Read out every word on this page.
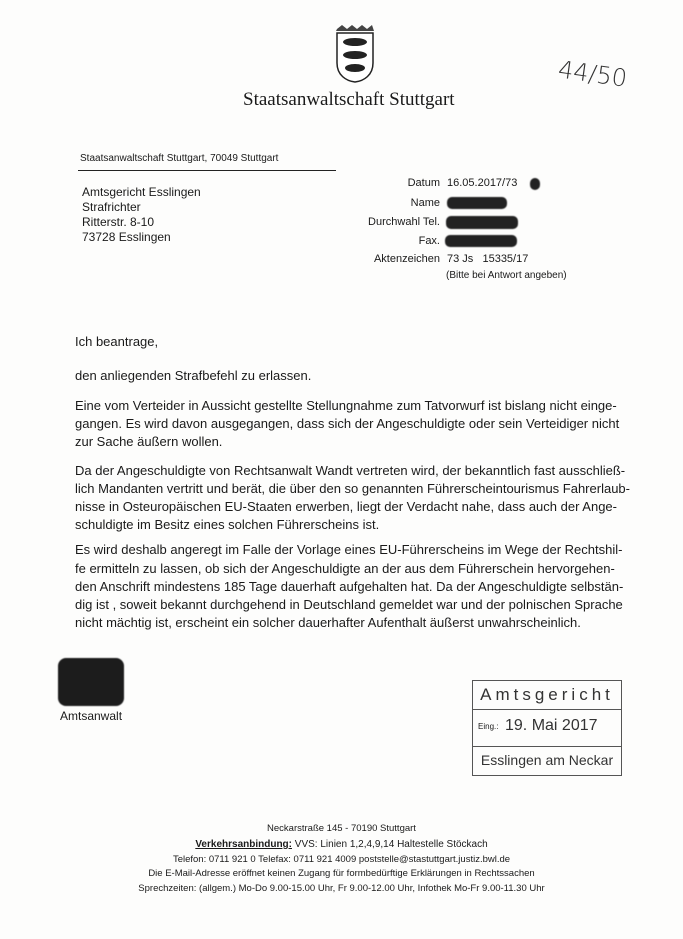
Staatsanwaltschaft Stuttgart
44/50
Staatsanwaltschaft Stuttgart, 70049 Stuttgart
Amtsgericht Esslingen
Strafrichter
Ritterstr. 8-10
73728 Esslingen
Datum 16.05.2017/73
Name
Durchwahl Tel.
Fax.
Aktenzeichen 73 Js   15335/17
(Bitte bei Antwort angeben)
Ich beantrage,
den anliegenden Strafbefehl zu erlassen.
Eine vom Verteider in Aussicht gestellte Stellungnahme zum Tatvorwurf ist bislang nicht einge-
gangen. Es wird davon ausgegangen, dass sich der Angeschuldigte oder sein Verteidiger nicht
zur Sache äußern wollen.
Da der Angeschuldigte von Rechtsanwalt Wandt vertreten wird, der bekanntlich fast ausschließ-
lich Mandanten vertritt und berät, die über den so genannten Führerscheintourismus Fahrerlaub-
nisse in Osteuropäischen EU-Staaten erwerben, liegt der Verdacht nahe, dass auch der Ange-
schuldigte im Besitz eines solchen Führerscheins ist.
Es wird deshalb angeregt im Falle der Vorlage eines EU-Führerscheins im Wege der Rechtshil-
fe ermitteln zu lassen, ob sich der Angeschuldigte an der aus dem Führerschein hervorgehen-
den Anschrift mindestens 185 Tage dauerhaft aufgehalten hat. Da der Angeschuldigte selbstän-
dig ist , soweit bekannt durchgehend in Deutschland gemeldet war und der polnischen Sprache
nicht mächtig ist, erscheint ein solcher dauerhafter Aufenthalt äußerst unwahrscheinlich.
Amtsanwalt
Amtsgericht
Eing.: 19. Mai 2017
Esslingen am Neckar
Neckarstraße 145 - 70190 Stuttgart
Verkehrsanbindung: VVS: Linien 1,2,4,9,14 Haltestelle Stöckach
Telefon: 0711 921 0 Telefax: 0711 921 4009 poststelle@stastuttgart.justiz.bwl.de
Die E-Mail-Adresse eröffnet keinen Zugang für formbedürftige Erklärungen in Rechtssachen
Sprechzeiten: (allgem.) Mo-Do 9.00-15.00 Uhr, Fr 9.00-12.00 Uhr, Infothek Mo-Fr 9.00-11.30 Uhr
